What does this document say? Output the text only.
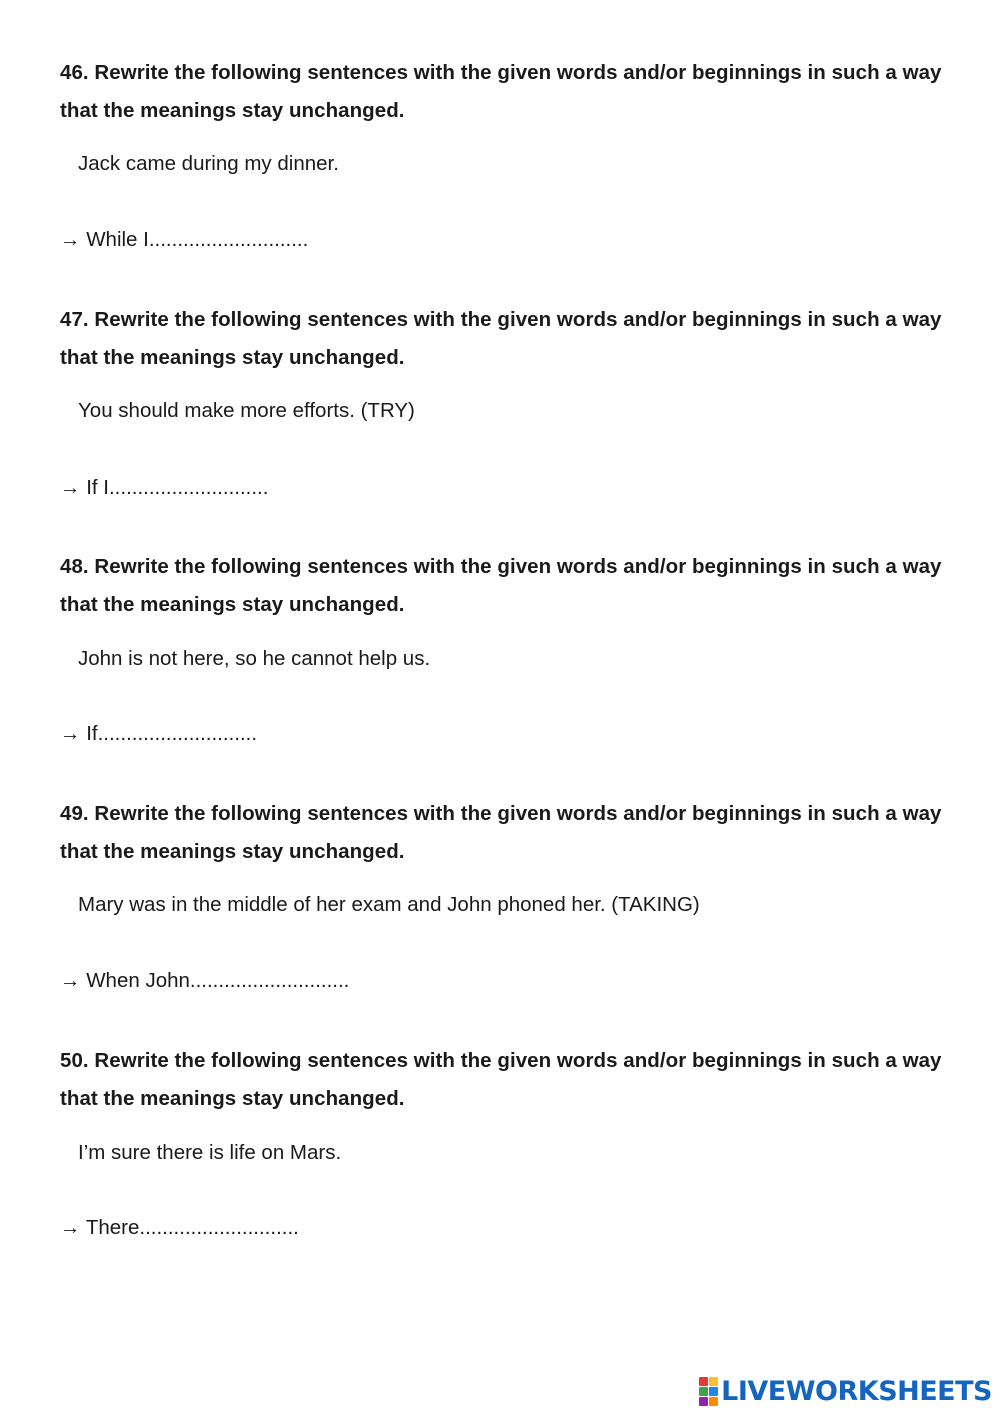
46. Rewrite the following sentences with the given words and/or beginnings in such a way that the meanings stay unchanged.

Jack came during my dinner.

→ While I............................

47. Rewrite the following sentences with the given words and/or beginnings in such a way that the meanings stay unchanged.

You should make more efforts. (TRY)

→ If I............................

48. Rewrite the following sentences with the given words and/or beginnings in such a way that the meanings stay unchanged.

John is not here, so he cannot help us.

→ If............................

49. Rewrite the following sentences with the given words and/or beginnings in such a way that the meanings stay unchanged.

Mary was in the middle of her exam and John phoned her. (TAKING)

→ When John............................

50. Rewrite the following sentences with the given words and/or beginnings in such a way that the meanings stay unchanged.

I’m sure there is life on Mars.

→ There............................

LIVEWORKSHEETS
